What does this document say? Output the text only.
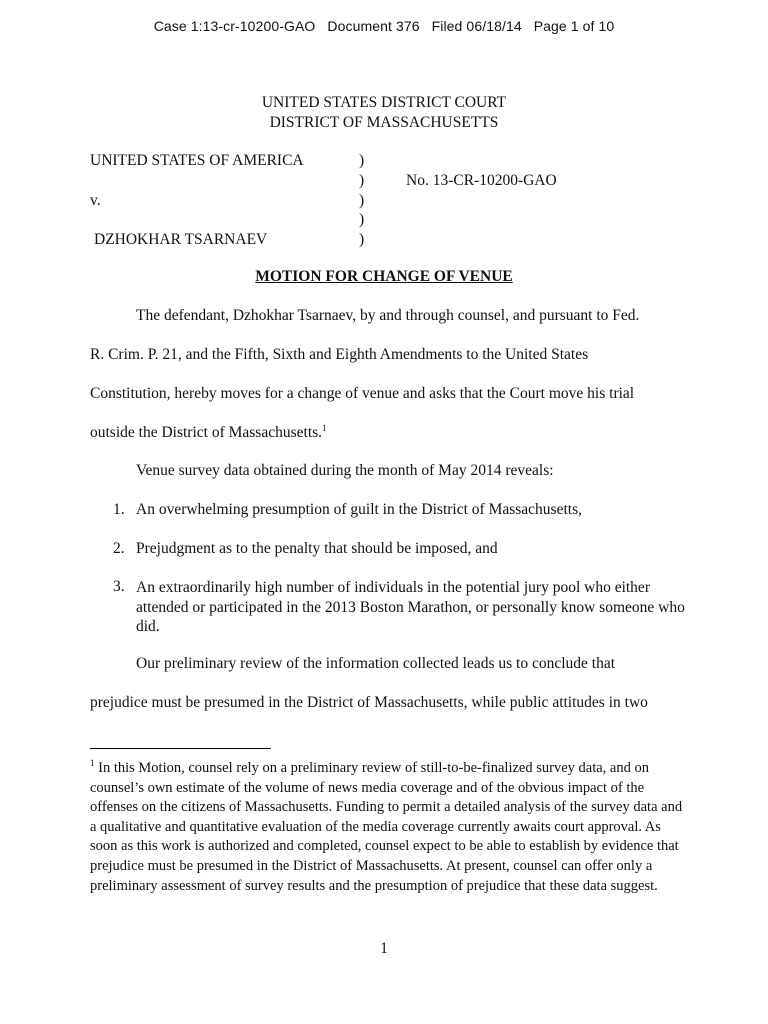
Case 1:13-cr-10200-GAO   Document 376   Filed 06/18/14   Page 1 of 10
UNITED STATES DISTRICT COURT
DISTRICT OF MASSACHUSETTS
UNITED STATES OF AMERICA
v.
DZHOKHAR TSARNAEV
)
)
)
)
)
No. 13-CR-10200-GAO
MOTION FOR CHANGE OF VENUE
The defendant, Dzhokhar Tsarnaev, by and through counsel, and pursuant to Fed.
R. Crim. P. 21, and the Fifth, Sixth and Eighth Amendments to the United States
Constitution, hereby moves for a change of venue and asks that the Court move his trial
outside the District of Massachusetts.$^1$
Venue survey data obtained during the month of May 2014 reveals:
1. An overwhelming presumption of guilt in the District of Massachusetts,
2. Prejudgment as to the penalty that should be imposed, and
3. An extraordinarily high number of individuals in the potential jury pool who either attended or participated in the 2013 Boston Marathon, or personally know someone who did.
Our preliminary review of the information collected leads us to conclude that
prejudice must be presumed in the District of Massachusetts, while public attitudes in two
$^1$ In this Motion, counsel rely on a preliminary review of still-to-be-finalized survey data, and on counsel’s own estimate of the volume of news media coverage and of the obvious impact of the offenses on the citizens of Massachusetts. Funding to permit a detailed analysis of the survey data and a qualitative and quantitative evaluation of the media coverage currently awaits court approval. As soon as this work is authorized and completed, counsel expect to be able to establish by evidence that prejudice must be presumed in the District of Massachusetts. At present, counsel can offer only a preliminary assessment of survey results and the presumption of prejudice that these data suggest.
1
